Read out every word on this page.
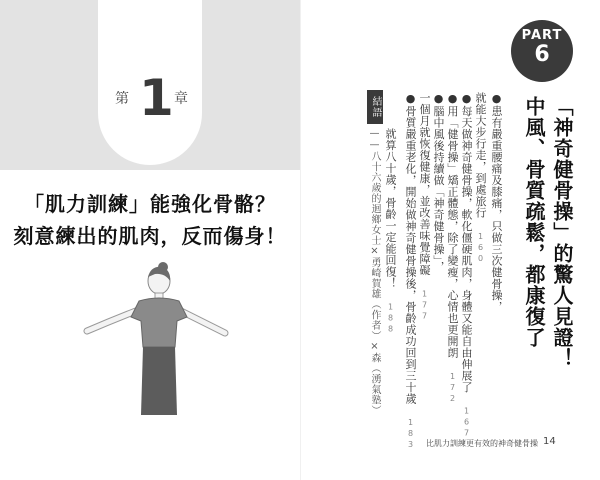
第 1 章
「肌力訓練」能強化骨骼？
刻意練出的肌肉，反而傷身！
PART
6
「神奇健骨操」的驚人見證！
中風、骨質疏鬆，都康復了
●患有嚴重腰痛及膝痛，只做三次健骨操，
就能大步行走，到處旅行 160
●每天做神奇健骨操，軟化僵硬肌肉，身體又能自由伸展了 167
●用「健骨操」矯正體態，除了變瘦，心情也更開朗 172
●腦中風後持續做「神奇健骨操」，
一個月就恢復健康，並改善味覺障礙 177
●骨質嚴重老化，開始做神奇健骨操後，骨齡成功回到三十歲 183
結語
就算八十歲，骨齡一定能回復！ 188
——八十六歲的迴鄉女士×勇崎賀雄（作者）×森（湧氣塾）
比肌力訓練更有效的神奇健骨操 14
